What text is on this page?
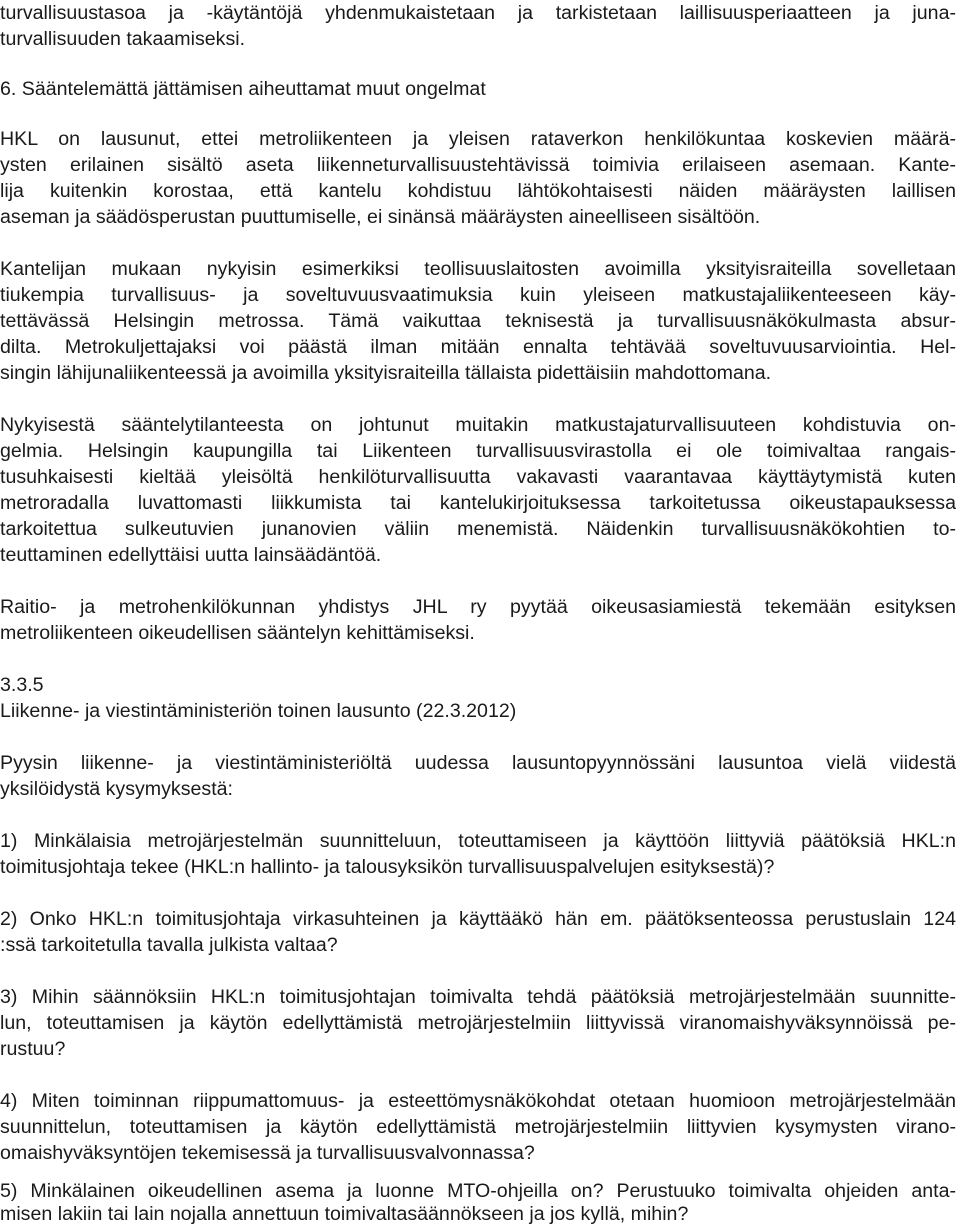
turvallisuustasoa ja -käytäntöjä yhdenmukaistetaan ja tarkistetaan laillisuusperiaatteen ja juna-
turvallisuuden takaamiseksi.
6. Sääntelemättä jättämisen aiheuttamat muut ongelmat
HKL on lausunut, ettei metroliikenteen ja yleisen rataverkon henkilökuntaa koskevien määrä-
ysten erilainen sisältö aseta liikenneturvallisuustehtävissä toimivia erilaiseen asemaan. Kante-
lija kuitenkin korostaa, että kantelu kohdistuu lähtökohtaisesti näiden määräysten laillisen
aseman ja säädösperustan puuttumiselle, ei sinänsä määräysten aineelliseen sisältöön.
Kantelijan mukaan nykyisin esimerkiksi teollisuuslaitosten avoimilla yksityisraiteilla sovelletaan
tiukempia turvallisuus- ja soveltuvuusvaatimuksia kuin yleiseen matkustajaliikenteeseen käy-
tettävässä Helsingin metrossa. Tämä vaikuttaa teknisestä ja turvallisuusnäkökulmasta absur-
dilta. Metrokuljettajaksi voi päästä ilman mitään ennalta tehtävää soveltuvuusarviointia. Hel-
singin lähijunaliikenteessä ja avoimilla yksityisraiteilla tällaista pidettäisiin mahdottomana.
Nykyisestä sääntelytilanteesta on johtunut muitakin matkustajaturvallisuuteen kohdistuvia on-
gelmia. Helsingin kaupungilla tai Liikenteen turvallisuusvirastolla ei ole toimivaltaa rangais-
tusuhkaisesti kieltää yleisöltä henkilöturvallisuutta vakavasti vaarantavaa käyttäytymistä kuten
metroradalla luvattomasti liikkumista tai kantelukirjoituksessa tarkoitetussa oikeustapauksessa
tarkoitettua sulkeutuvien junanovien väliin menemistä. Näidenkin turvallisuusnäkökohtien to-
teuttaminen edellyttäisi uutta lainsäädäntöä.
Raitio- ja metrohenkilökunnan yhdistys JHL ry pyytää oikeusasiamiestä tekemään esityksen
metroliikenteen oikeudellisen sääntelyn kehittämiseksi.
3.3.5
Liikenne- ja viestintäministeriön toinen lausunto (22.3.2012)
Pyysin liikenne- ja viestintäministeriöltä uudessa lausuntopyynnössäni lausuntoa vielä viidestä
yksilöidystä kysymyksestä:
1) Minkälaisia metrojärjestelmän suunnitteluun, toteuttamiseen ja käyttöön liittyviä päätöksiä HKL:n
toimitusjohtaja tekee (HKL:n hallinto- ja talousyksikön turvallisuuspalvelujen esityksestä)?
2) Onko HKL:n toimitusjohtaja virkasuhteinen ja käyttääkö hän em. päätöksenteossa perustuslain 124
:ssä tarkoitetulla tavalla julkista valtaa?
3) Mihin säännöksiin HKL:n toimitusjohtajan toimivalta tehdä päätöksiä metrojärjestelmään suunnitte-
lun, toteuttamisen ja käytön edellyttämistä metrojärjestelmiin liittyvissä viranomaishyväksynnöissä pe-
rustuu?
4) Miten toiminnan riippumattomuus- ja esteettömysnäkökohdat otetaan huomioon metrojärjestelmään
suunnittelun, toteuttamisen ja käytön edellyttämistä metrojärjestelmiin liittyvien kysymysten virano-
omaishyväksyntöjen tekemisessä ja turvallisuusvalvonnassa?
5) Minkälainen oikeudellinen asema ja luonne MTO-ohjeilla on? Perustuuko toimivalta ohjeiden anta-
misen lakiin tai lain nojalla annettuun toimivaltasäännökseen ja jos kyllä, mihin?
